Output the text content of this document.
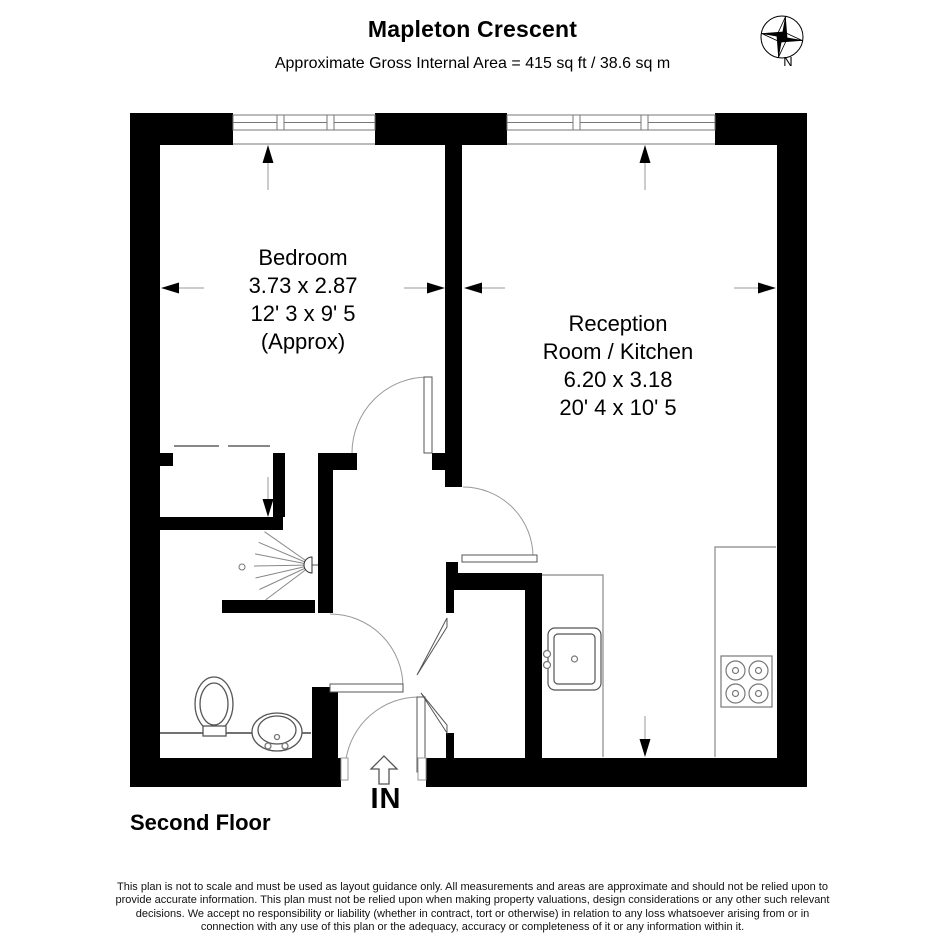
Mapleton Crescent
Approximate Gross Internal Area = 415 sq ft / 38.6 sq m	N
Bedroom
3.73 x 2.87
12' 3 x 9' 5
(Approx)
Reception
Room / Kitchen
6.20 x 3.18
20' 4 x 10' 5
IN
Second Floor
This plan is not to scale and must be used as layout guidance only. All measurements and areas are approximate and should not be relied upon to
provide accurate information. This plan must not be relied upon when making property valuations, design considerations or any other such relevant
decisions. We accept no responsibility or liability (whether in contract, tort or otherwise) in relation to any loss whatsoever arising from or in
connection with any use of this plan or the adequacy, accuracy or completeness of it or any information within it.
